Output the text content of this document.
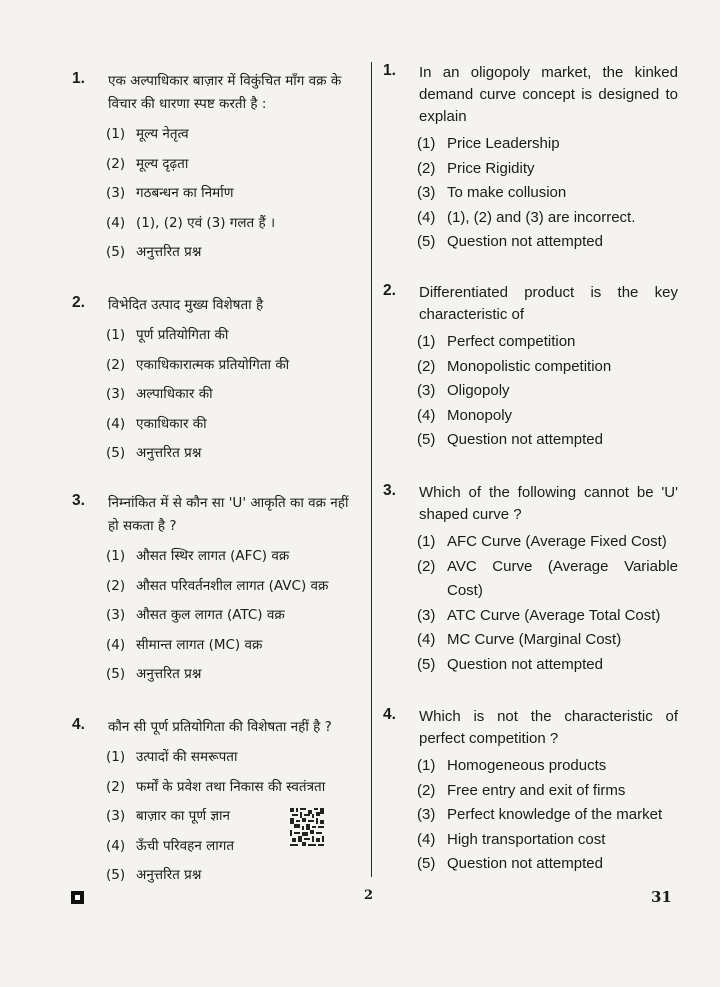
1. एक अल्पाधिकार बाज़ार में विकुंचित माँग वक्र के विचार की धारणा स्पष्ट करती है :
(1) मूल्य नेतृत्व
(2) मूल्य दृढ़ता
(3) गठबन्धन का निर्माण
(4) (1), (2) एवं (3) गलत हैं ।
(5) अनुत्तरित प्रश्न
2. विभेदित उत्पाद मुख्य विशेषता है
(1) पूर्ण प्रतियोगिता की
(2) एकाधिकारात्मक प्रतियोगिता की
(3) अल्पाधिकार की
(4) एकाधिकार की
(5) अनुत्तरित प्रश्न
3. निम्नांकित में से कौन सा 'U' आकृति का वक्र नहीं हो सकता है ?
(1) औसत स्थिर लागत (AFC) वक्र
(2) औसत परिवर्तनशील लागत (AVC) वक्र
(3) औसत कुल लागत (ATC) वक्र
(4) सीमान्त लागत (MC) वक्र
(5) अनुत्तरित प्रश्न
4. कौन सी पूर्ण प्रतियोगिता की विशेषता नहीं है ?
(1) उत्पादों की समरूपता
(2) फर्मों के प्रवेश तथा निकास की स्वतंत्रता
(3) बाज़ार का पूर्ण ज्ञान
(4) ऊँची परिवहन लागत
(5) अनुत्तरित प्रश्न
1. In an oligopoly market, the kinked demand curve concept is designed to explain
(1) Price Leadership
(2) Price Rigidity
(3) To make collusion
(4) (1), (2) and (3) are incorrect.
(5) Question not attempted
2. Differentiated product is the key characteristic of
(1) Perfect competition
(2) Monopolistic competition
(3) Oligopoly
(4) Monopoly
(5) Question not attempted
3. Which of the following cannot be 'U' shaped curve ?
(1) AFC Curve (Average Fixed Cost)
(2) AVC Curve (Average Variable Cost)
(3) ATC Curve (Average Total Cost)
(4) MC Curve (Marginal Cost)
(5) Question not attempted
4. Which is not the characteristic of perfect competition ?
(1) Homogeneous products
(2) Free entry and exit of firms
(3) Perfect knowledge of the market
(4) High transportation cost
(5) Question not attempted
2	31
